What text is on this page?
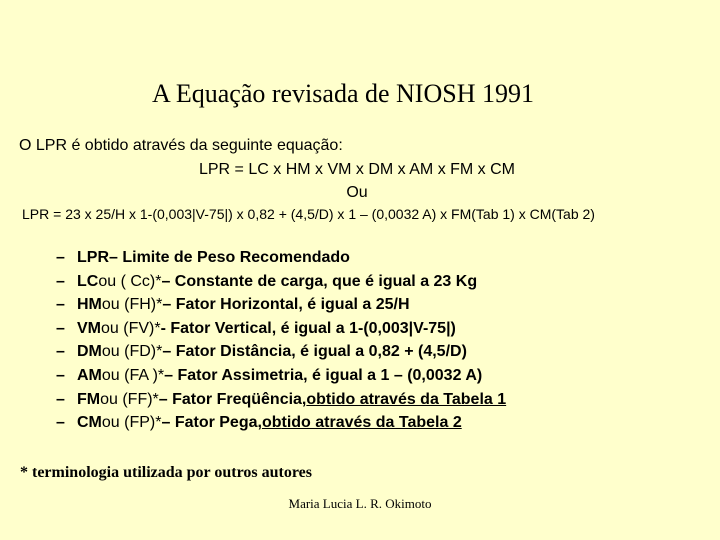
A Equação revisada de NIOSH 1991
O LPR é obtido através da seguinte equação:
LPR = LC x HM x VM x DM x AM x FM x CM
Ou
LPR = 23 x 25/H x 1-(0,003|V-75|) x 0,82 + (4,5/D) x 1 – (0,0032 A) x FM(Tab 1) x CM(Tab 2)
– LPR – Limite de Peso Recomendado
– LC ou ( Cc)* – Constante de carga, que é igual a 23 Kg
– HM ou (FH)* – Fator Horizontal, é igual a 25/H
– VM ou (FV)* - Fator Vertical, é igual a 1-(0,003|V-75|)
– DM ou (FD)* – Fator Distância, é igual a 0,82 + (4,5/D)
– AM ou (FA )* – Fator Assimetria, é igual a 1 – (0,0032 A)
– FM ou (FF)* – Fator Freqüência, obtido através da Tabela 1
– CM ou (FP)* – Fator Pega, obtido através da Tabela 2
* terminologia utilizada por outros autores
Maria Lucia L. R. Okimoto
